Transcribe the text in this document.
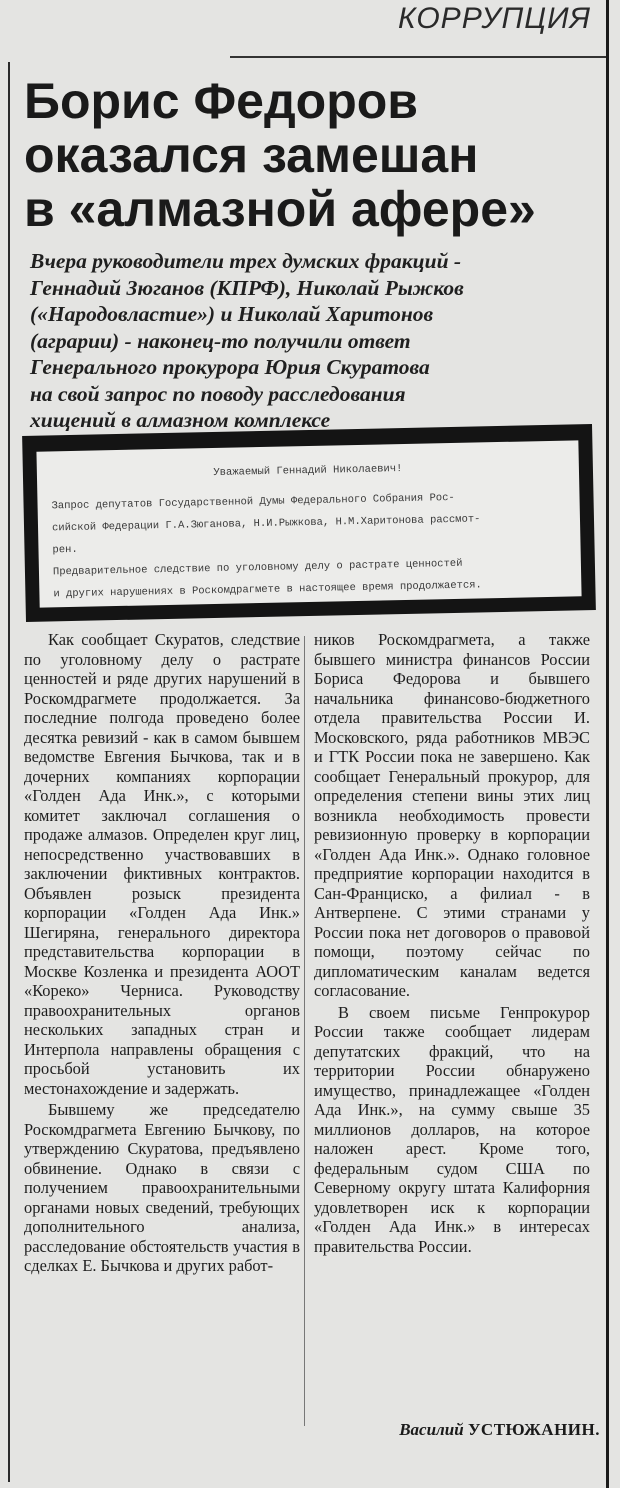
КОРРУПЦИЯ
Борис Федоров
оказался замешан
в «алмазной афере»
Вчера руководители трех думских фракций -
Геннадий Зюганов (КПРФ), Николай Рыжков
(«Народовластие») и Николай Харитонов
(аграрии) - наконец-то получили ответ
Генерального прокурора Юрия Скуратова
на свой запрос по поводу расследования
хищений в алмазном комплексе
Уважаемый Геннадий Николаевич!
Запрос депутатов Государственной Думы Федерального Собрания Рос-
сийской Федерации Г.А.Зюганова, Н.И.Рыжкова, Н.М.Харитонова рассмот-
рен.
Предварительное следствие по уголовному делу о растрате ценностей
и других нарушениях в Роскомдрагмете в настоящее время продолжается.

Как сообщает Скуратов, следствие по уголовному делу о растрате ценностей и ряде других нарушений в Роскомдрагмете продолжается. За последние полгода проведено более десятка ревизий - как в самом бывшем ведомстве Евгения Бычкова, так и в дочерних компаниях корпорации «Голден Ада Инк.», с которыми комитет заключал соглашения о продаже алмазов. Определен круг лиц, непосредственно участвовавших в заключении фиктивных контрактов. Объявлен розыск президента корпорации «Голден Ада Инк.» Шегиряна, генерального директора представительства корпорации в Москве Козленка и президента АООТ «Кореко» Черниса. Руководству правоохранительных органов нескольких западных стран и Интерпола направлены обращения с просьбой установить их местонахождение и задержать.

Бывшему же председателю Роскомдрагмета Евгению Бычкову, по утверждению Скуратова, предъявлено обвинение. Однако в связи с получением правоохранительными органами новых сведений, требующих дополнительного анализа, расследование обстоятельств участия в сделках Е. Бычкова и других работ-

ников Роскомдрагмета, а также бывшего министра финансов России Бориса Федорова и бывшего начальника финансово-бюджетного отдела правительства России И. Московского, ряда работников МВЭС и ГТК России пока не завершено. Как сообщает Генеральный прокурор, для определения степени вины этих лиц возникла необходимость провести ревизионную проверку в корпорации «Голден Ада Инк.». Однако головное предприятие корпорации находится в Сан-Франциско, а филиал - в Антверпене. С этими странами у России пока нет договоров о правовой помощи, поэтому сейчас по дипломатическим каналам ведется согласование.

В своем письме Генпрокурор России также сообщает лидерам депутатских фракций, что на территории России обнаружено имущество, принадлежащее «Голден Ада Инк.», на сумму свыше 35 миллионов долларов, на которое наложен арест. Кроме того, федеральным судом США по Северному округу штата Калифорния удовлетворен иск к корпорации «Голден Ада Инк.» в интересах правительства России.

Василий УСТЮЖАНИН.
